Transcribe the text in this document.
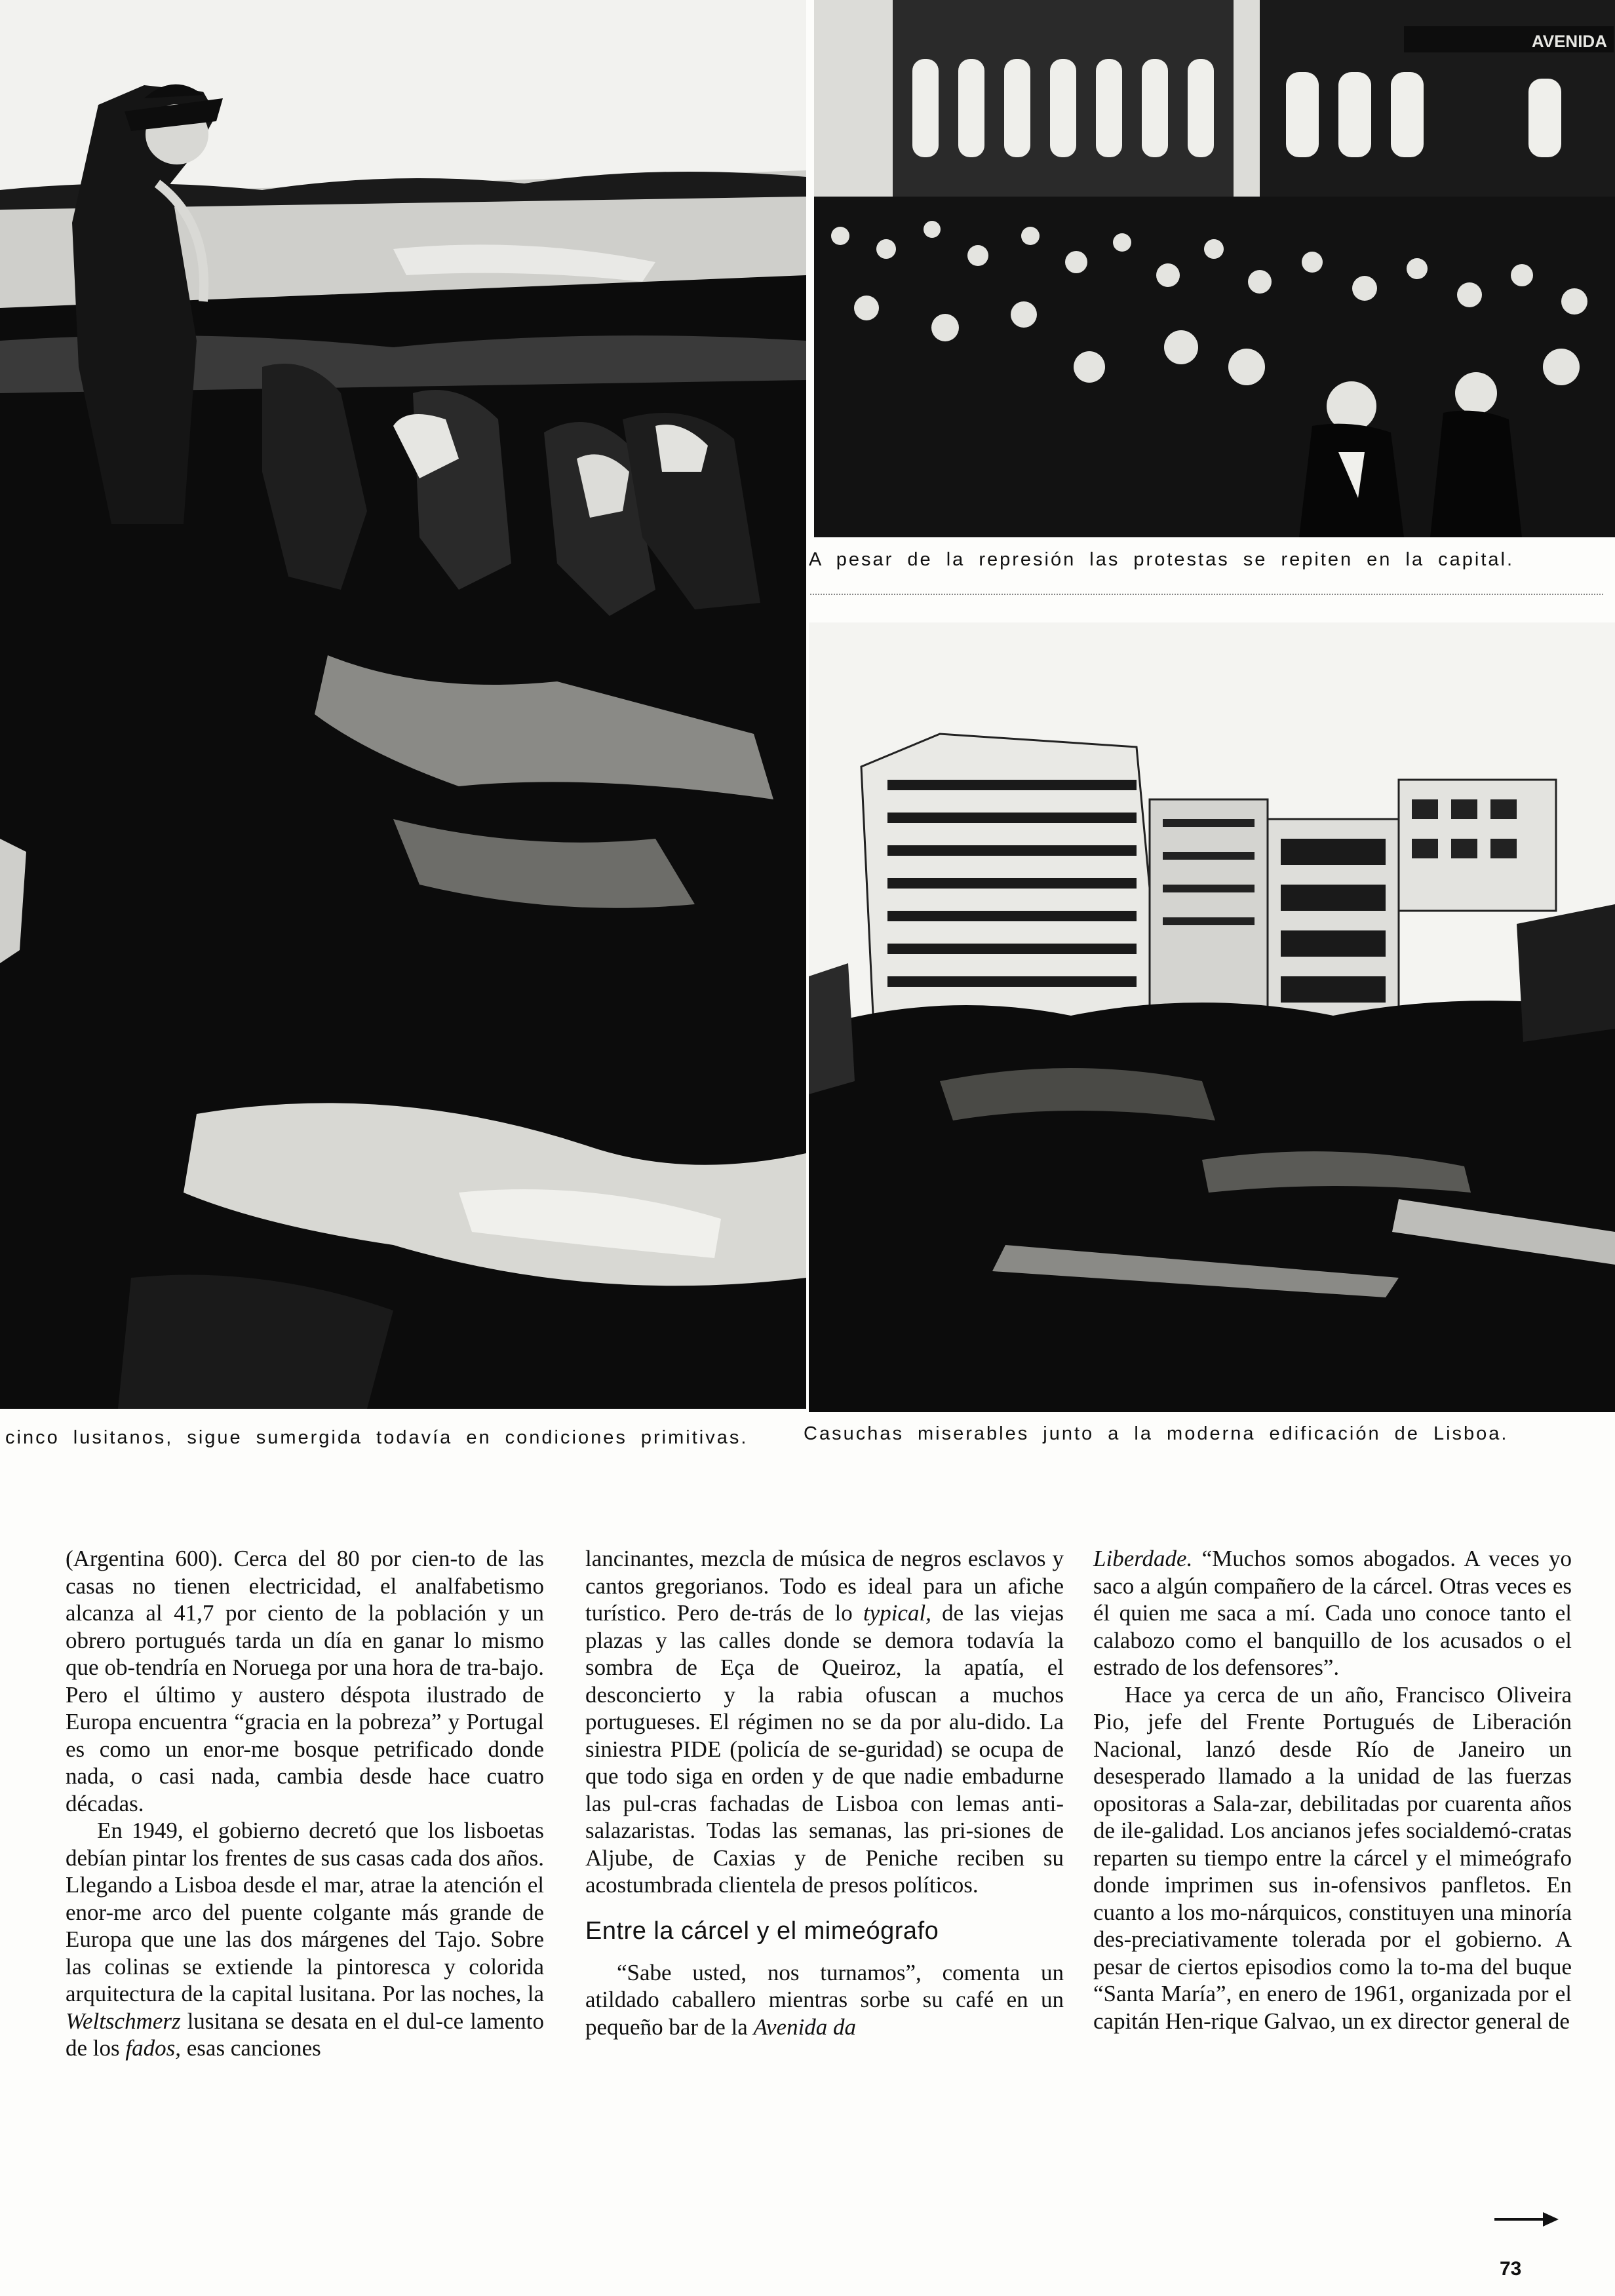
AVENIDA
A pesar de la represión las protestas se repiten en la capital.
cinco lusitanos, sigue sumergida todavía en condiciones primitivas.	Casuchas miserables junto a la moderna edificación de Lisboa.

(Argentina 600). Cerca del 80 por cien-to de las casas no tienen electricidad, el analfabetismo alcanza al 41,7 por ciento de la población y un obrero portugués tarda un día en ganar lo mismo que ob-tendría en Noruega por una hora de tra-bajo. Pero el último y austero déspota ilustrado de Europa encuentra “gracia en la pobreza” y Portugal es como un enor-me bosque petrificado donde nada, o casi nada, cambia desde hace cuatro décadas.

En 1949, el gobierno decretó que los lisboetas debían pintar los frentes de sus casas cada dos años. Llegando a Lisboa desde el mar, atrae la atención el enor-me arco del puente colgante más grande de Europa que une las dos márgenes del Tajo. Sobre las colinas se extiende la pintoresca y colorida arquitectura de la capital lusitana. Por las noches, la Weltschmerz lusitana se desata en el dul-ce lamento de los fados, esas canciones

lancinantes, mezcla de música de negros esclavos y cantos gregorianos. Todo es ideal para un afiche turístico. Pero de-trás de lo typical, de las viejas plazas y las calles donde se demora todavía la sombra de Eça de Queiroz, la apatía, el desconcierto y la rabia ofuscan a muchos portugueses. El régimen no se da por alu-dido. La siniestra PIDE (policía de se-guridad) se ocupa de que todo siga en orden y de que nadie embadurne las pul-cras fachadas de Lisboa con lemas anti-salazaristas. Todas las semanas, las pri-siones de Aljube, de Caxias y de Peniche reciben su acostumbrada clientela de presos políticos.

Entre la cárcel y el mimeógrafo

“Sabe usted, nos turnamos”, comenta un atildado caballero mientras sorbe su café en un pequeño bar de la Avenida da

Liberdade. “Muchos somos abogados. A veces yo saco a algún compañero de la cárcel. Otras veces es él quien me saca a mí. Cada uno conoce tanto el calabozo como el banquillo de los acusados o el estrado de los defensores”.

Hace ya cerca de un año, Francisco Oliveira Pio, jefe del Frente Portugués de Liberación Nacional, lanzó desde Río de Janeiro un desesperado llamado a la unidad de las fuerzas opositoras a Sala-zar, debilitadas por cuarenta años de ile-galidad. Los ancianos jefes socialdemó-cratas reparten su tiempo entre la cárcel y el mimeógrafo donde imprimen sus in-ofensivos panfletos. En cuanto a los mo-nárquicos, constituyen una minoría des-preciativamente tolerada por el gobierno. A pesar de ciertos episodios como la to-ma del buque “Santa María”, en enero de 1961, organizada por el capitán Hen-rique Galvao, un ex director general de

73
